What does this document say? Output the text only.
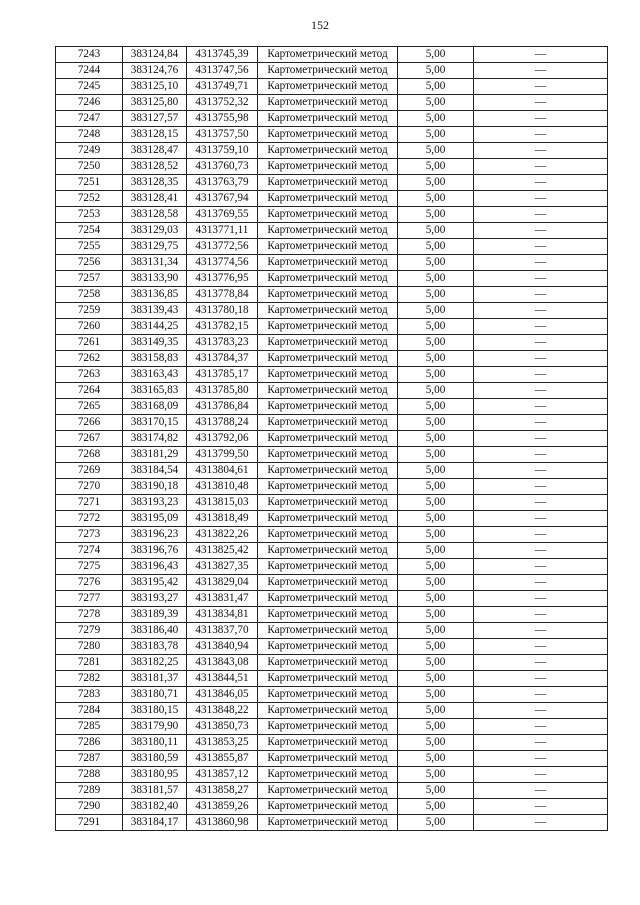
152
7243	383124,84	4313745,39	Картометрический метод	5,00	—
7244	383124,76	4313747,56	Картометрический метод	5,00	—
7245	383125,10	4313749,71	Картометрический метод	5,00	—
7246	383125,80	4313752,32	Картометрический метод	5,00	—
7247	383127,57	4313755,98	Картометрический метод	5,00	—
7248	383128,15	4313757,50	Картометрический метод	5,00	—
7249	383128,47	4313759,10	Картометрический метод	5,00	—
7250	383128,52	4313760,73	Картометрический метод	5,00	—
7251	383128,35	4313763,79	Картометрический метод	5,00	—
7252	383128,41	4313767,94	Картометрический метод	5,00	—
7253	383128,58	4313769,55	Картометрический метод	5,00	—
7254	383129,03	4313771,11	Картометрический метод	5,00	—
7255	383129,75	4313772,56	Картометрический метод	5,00	—
7256	383131,34	4313774,56	Картометрический метод	5,00	—
7257	383133,90	4313776,95	Картометрический метод	5,00	—
7258	383136,85	4313778,84	Картометрический метод	5,00	—
7259	383139,43	4313780,18	Картометрический метод	5,00	—
7260	383144,25	4313782,15	Картометрический метод	5,00	—
7261	383149,35	4313783,23	Картометрический метод	5,00	—
7262	383158,83	4313784,37	Картометрический метод	5,00	—
7263	383163,43	4313785,17	Картометрический метод	5,00	—
7264	383165,83	4313785,80	Картометрический метод	5,00	—
7265	383168,09	4313786,84	Картометрический метод	5,00	—
7266	383170,15	4313788,24	Картометрический метод	5,00	—
7267	383174,82	4313792,06	Картометрический метод	5,00	—
7268	383181,29	4313799,50	Картометрический метод	5,00	—
7269	383184,54	4313804,61	Картометрический метод	5,00	—
7270	383190,18	4313810,48	Картометрический метод	5,00	—
7271	383193,23	4313815,03	Картометрический метод	5,00	—
7272	383195,09	4313818,49	Картометрический метод	5,00	—
7273	383196,23	4313822,26	Картометрический метод	5,00	—
7274	383196,76	4313825,42	Картометрический метод	5,00	—
7275	383196,43	4313827,35	Картометрический метод	5,00	—
7276	383195,42	4313829,04	Картометрический метод	5,00	—
7277	383193,27	4313831,47	Картометрический метод	5,00	—
7278	383189,39	4313834,81	Картометрический метод	5,00	—
7279	383186,40	4313837,70	Картометрический метод	5,00	—
7280	383183,78	4313840,94	Картометрический метод	5,00	—
7281	383182,25	4313843,08	Картометрический метод	5,00	—
7282	383181,37	4313844,51	Картометрический метод	5,00	—
7283	383180,71	4313846,05	Картометрический метод	5,00	—
7284	383180,15	4313848,22	Картометрический метод	5,00	—
7285	383179,90	4313850,73	Картометрический метод	5,00	—
7286	383180,11	4313853,25	Картометрический метод	5,00	—
7287	383180,59	4313855,87	Картометрический метод	5,00	—
7288	383180,95	4313857,12	Картометрический метод	5,00	—
7289	383181,57	4313858,27	Картометрический метод	5,00	—
7290	383182,40	4313859,26	Картометрический метод	5,00	—
7291	383184,17	4313860,98	Картометрический метод	5,00	—
